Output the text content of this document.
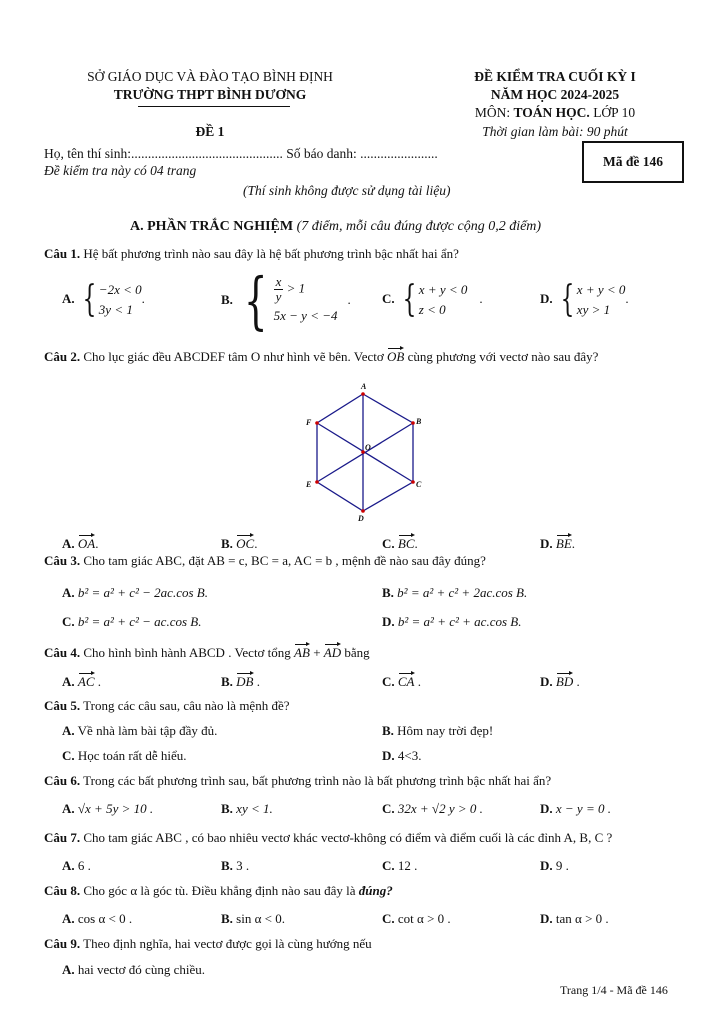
SỞ GIÁO DỤC VÀ ĐÀO TẠO BÌNH ĐỊNH
TRƯỜNG THPT BÌNH DƯƠNG
ĐỀ 1
ĐỀ KIỂM TRA CUỐI KỲ I
NĂM HỌC 2024-2025
MÔN: TOÁN HỌC. LỚP 10
Thời gian làm bài: 90 phút
Họ, tên thí sinh:............................................. Số báo danh: .......................
Đề kiểm tra này có 04 trang
(Thí sinh không được sử dụng tài liệu)
Mã đề 146
A. PHẦN TRẮC NGHIỆM (7 điểm, mỗi câu đúng được cộng 0,2 điểm)
Câu 1. Hệ bất phương trình nào sau đây là hệ bất phương trình bậc nhất hai ẩn?
A. { −2x < 0
3y < 1
.	B. { $\frac{x}{y} > 1$
5x − y < −4
. C. { x + y < 0
z < 0
.	D. { x + y < 0
xy > 1
.
Câu 2. Cho lục giác đều ABCDEF tâm O như hình vẽ bên. Vectơ OB cùng phương với vectơ nào sau đây?
A
B
C
D
E
F
O
A. OA.	B. OC.	C. BC.	D. BE.
Câu 3. Cho tam giác ABC, đặt AB = c, BC = a, AC = b , mệnh đề nào sau đây đúng?
A. b² = a² + c² − 2ac.cos B.	B. b² = a² + c² + 2ac.cos B.
C. b² = a² + c² − ac.cos B.	D. b² = a² + c² + ac.cos B.
Câu 4. Cho hình bình hành ABCD . Vectơ tổng AB + AD bằng
A. AC .	B. DB .	C. CA .	D. BD .
Câu 5. Trong các câu sau, câu nào là mệnh đề?
A. Về nhà làm bài tập đầy đủ.	B. Hôm nay trời đẹp!
C. Học toán rất dễ hiểu.	D. 4<3.
Câu 6. Trong các bất phương trình sau, bất phương trình nào là bất phương trình bậc nhất hai ẩn?
A. √x + 5y > 10 .	B. xy < 1.	C. 32x + √2 y > 0 .	D. x − y = 0 .
Câu 7. Cho tam giác ABC , có bao nhiêu vectơ khác vectơ-không có điểm và điểm cuối là các đỉnh A, B, C ?
A. 6 .	B. 3 .	C. 12 .	D. 9 .
Câu 8. Cho góc α là góc tù. Điều khẳng định nào sau đây là đúng?
A. cos α < 0 .	B. sin α < 0.	C. cot α > 0 .	D. tan α > 0 .
Câu 9. Theo định nghĩa, hai vectơ được gọi là cùng hướng nếu
A. hai vectơ đó cùng chiều.
Trang 1/4 - Mã đề 146
